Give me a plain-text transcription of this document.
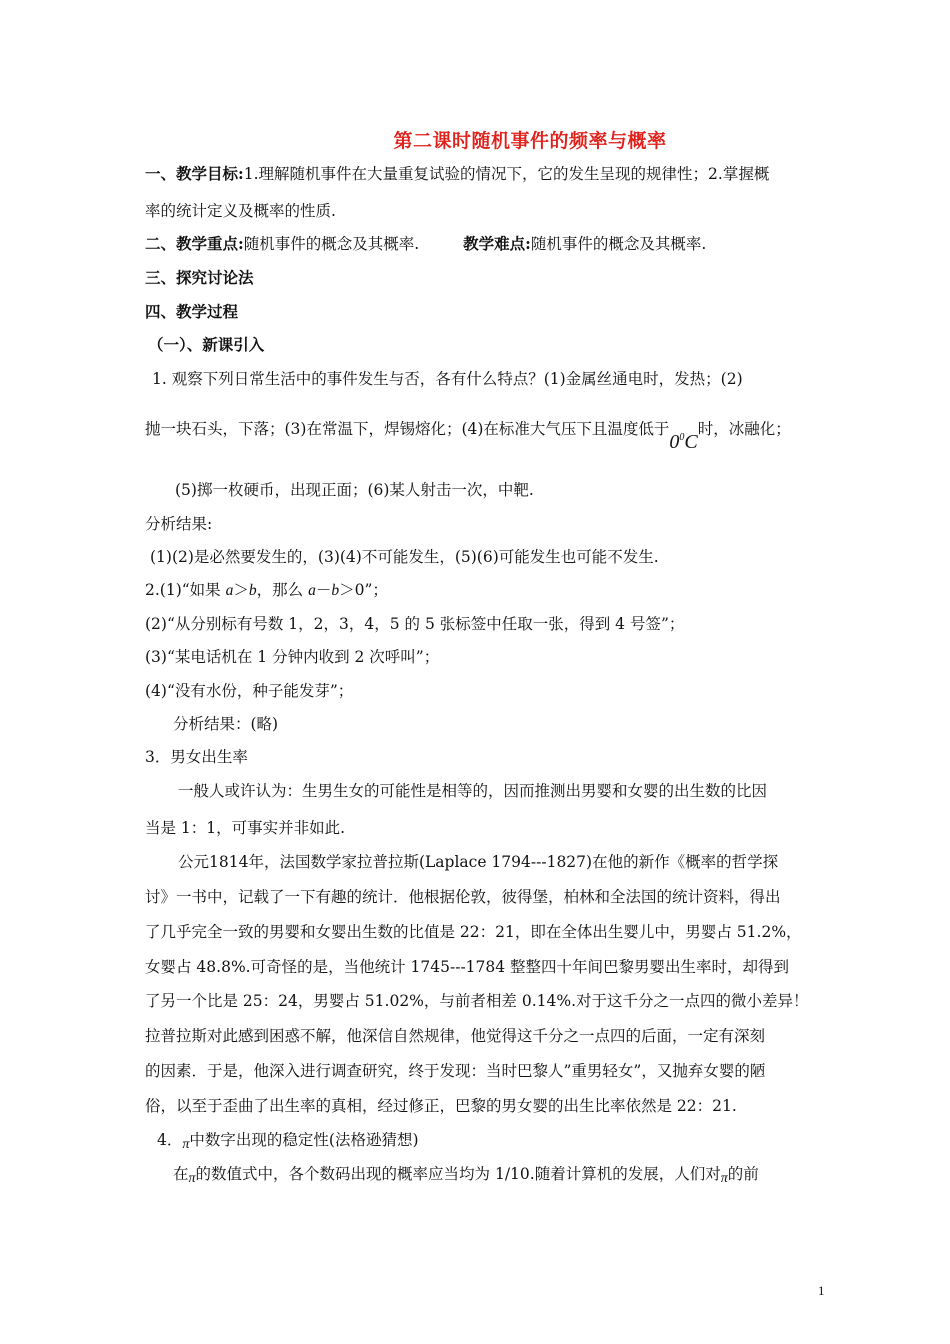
第二课时随机事件的频率与概率
一、教学目标:1.理解随机事件在大量重复试验的情况下，它的发生呈现的规律性；2.掌握概
率的统计定义及概率的性质.
二、教学重点:随机事件的概念及其概率.	教学难点:随机事件的概念及其概率.
三、探究讨论法
四、教学过程
（一）、新课引入
1. 观察下列日常生活中的事件发生与否，各有什么特点？(1)金属丝通电时，发热；(2)
抛一块石头，下落；(3)在常温下，焊锡熔化；(4)在标准大气压下且温度低于$0^0C$时，冰融化；
(5)掷一枚硬币，出现正面；(6)某人射击一次，中靶.
分析结果:
(1)(2)是必然要发生的，(3)(4)不可能发生，(5)(6)可能发生也可能不发生.
2.(1)“如果 a＞b，那么 a－b＞0”；
(2)“从分别标有号数 1，2，3，4，5 的 5 张标签中任取一张，得到 4 号签”；
(3)“某电话机在 1 分钟内收到 2 次呼叫”；
(4)“没有水份，种子能发芽”；
分析结果：(略)
3．男女出生率
一般人或许认为：生男生女的可能性是相等的，因而推测出男婴和女婴的出生数的比因
当是 1：1，可事实并非如此.
公元1814年，法国数学家拉普拉斯(Laplace 1794---1827)在他的新作《概率的哲学探
讨》一书中，记载了一下有趣的统计．他根据伦敦，彼得堡，柏林和全法国的统计资料，得出
了几乎完全一致的男婴和女婴出生数的比值是 22：21，即在全体出生婴儿中，男婴占 51.2%，
女婴占 48.8%.可奇怪的是，当他统计 1745---1784 整整四十年间巴黎男婴出生率时，却得到
了另一个比是 25：24，男婴占 51.02%，与前者相差 0.14%.对于这千分之一点四的微小差异！
拉普拉斯对此感到困惑不解，他深信自然规律，他觉得这千分之一点四的后面，一定有深刻
的因素．于是，他深入进行调查研究，终于发现：当时巴黎人”重男轻女”，又抛弃女婴的陋
俗，以至于歪曲了出生率的真相，经过修正，巴黎的男女婴的出生比率依然是 22：21.
4．π中数字出现的稳定性(法格逊猜想)
在π的数值式中，各个数码出现的概率应当均为 1/10.随着计算机的发展，人们对π的前
1
